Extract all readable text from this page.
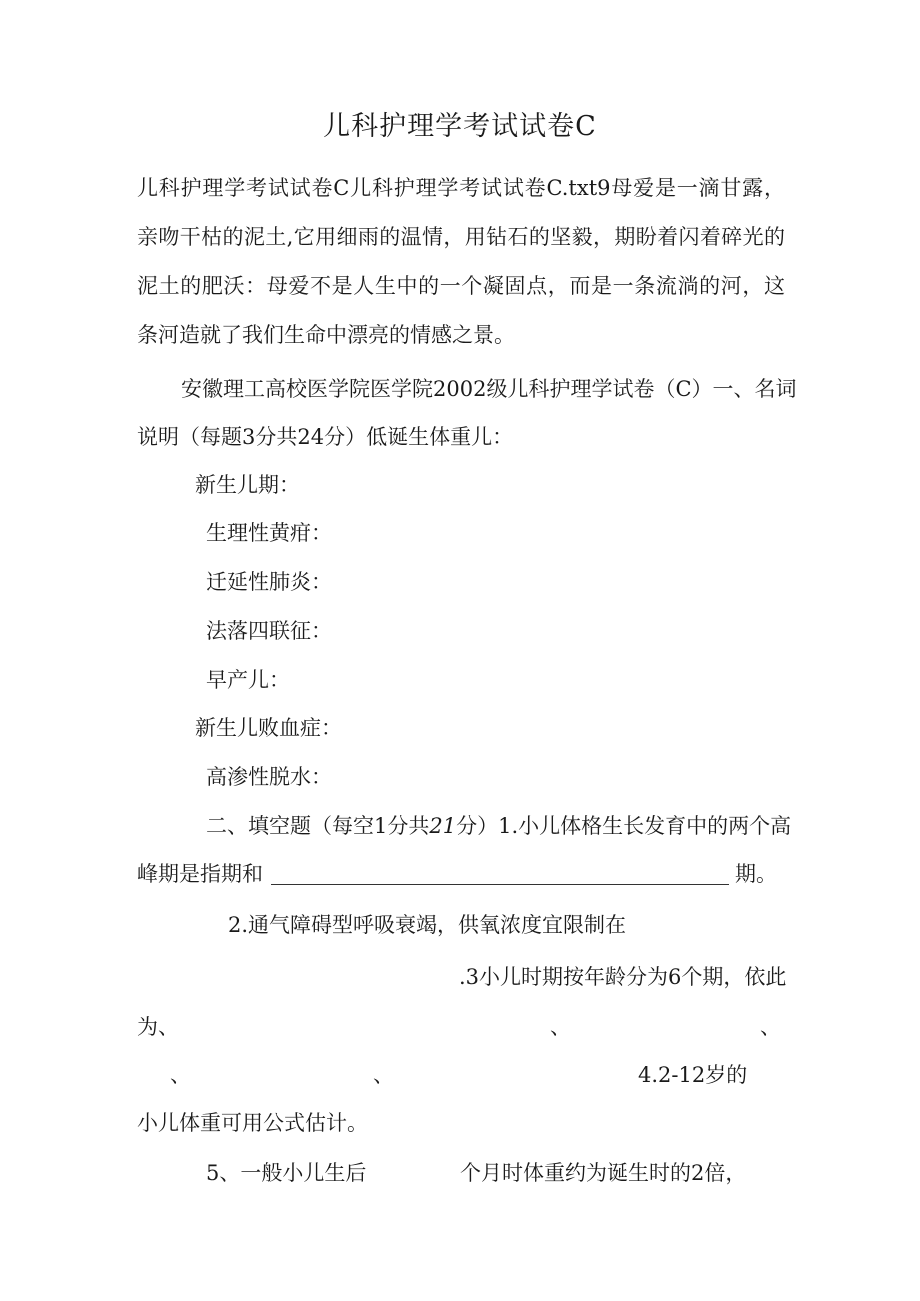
儿科护理学考试试卷C
儿科护理学考试试卷C儿科护理学考试试卷C.txt9母爱是一滴甘露，
亲吻干枯的泥土,它用细雨的温情，用钻石的坚毅，期盼着闪着碎光的
泥土的肥沃：母爱不是人生中的一个凝固点，而是一条流淌的河，这
条河造就了我们生命中漂亮的情感之景。
安徽理工高校医学院医学院2002级儿科护理学试卷（C）一、名词
说明（每题3分共24分）低诞生体重儿：
新生儿期：
生理性黄疳：
迁延性肺炎：
法落四联征：
早产儿：
新生儿败血症：
高渗性脱水：
二、填空题（每空1分共21分）1.小儿体格生长发育中的两个高
峰期是指期和	期。
2.通气障碍型呼吸衰竭，供氧浓度宜限制在
.3小儿时期按年龄分为6个期，依此
为、	、	、
、	、	4.2-12岁的
小儿体重可用公式估计。
5、一般小儿生后	个月时体重约为诞生时的2倍，
